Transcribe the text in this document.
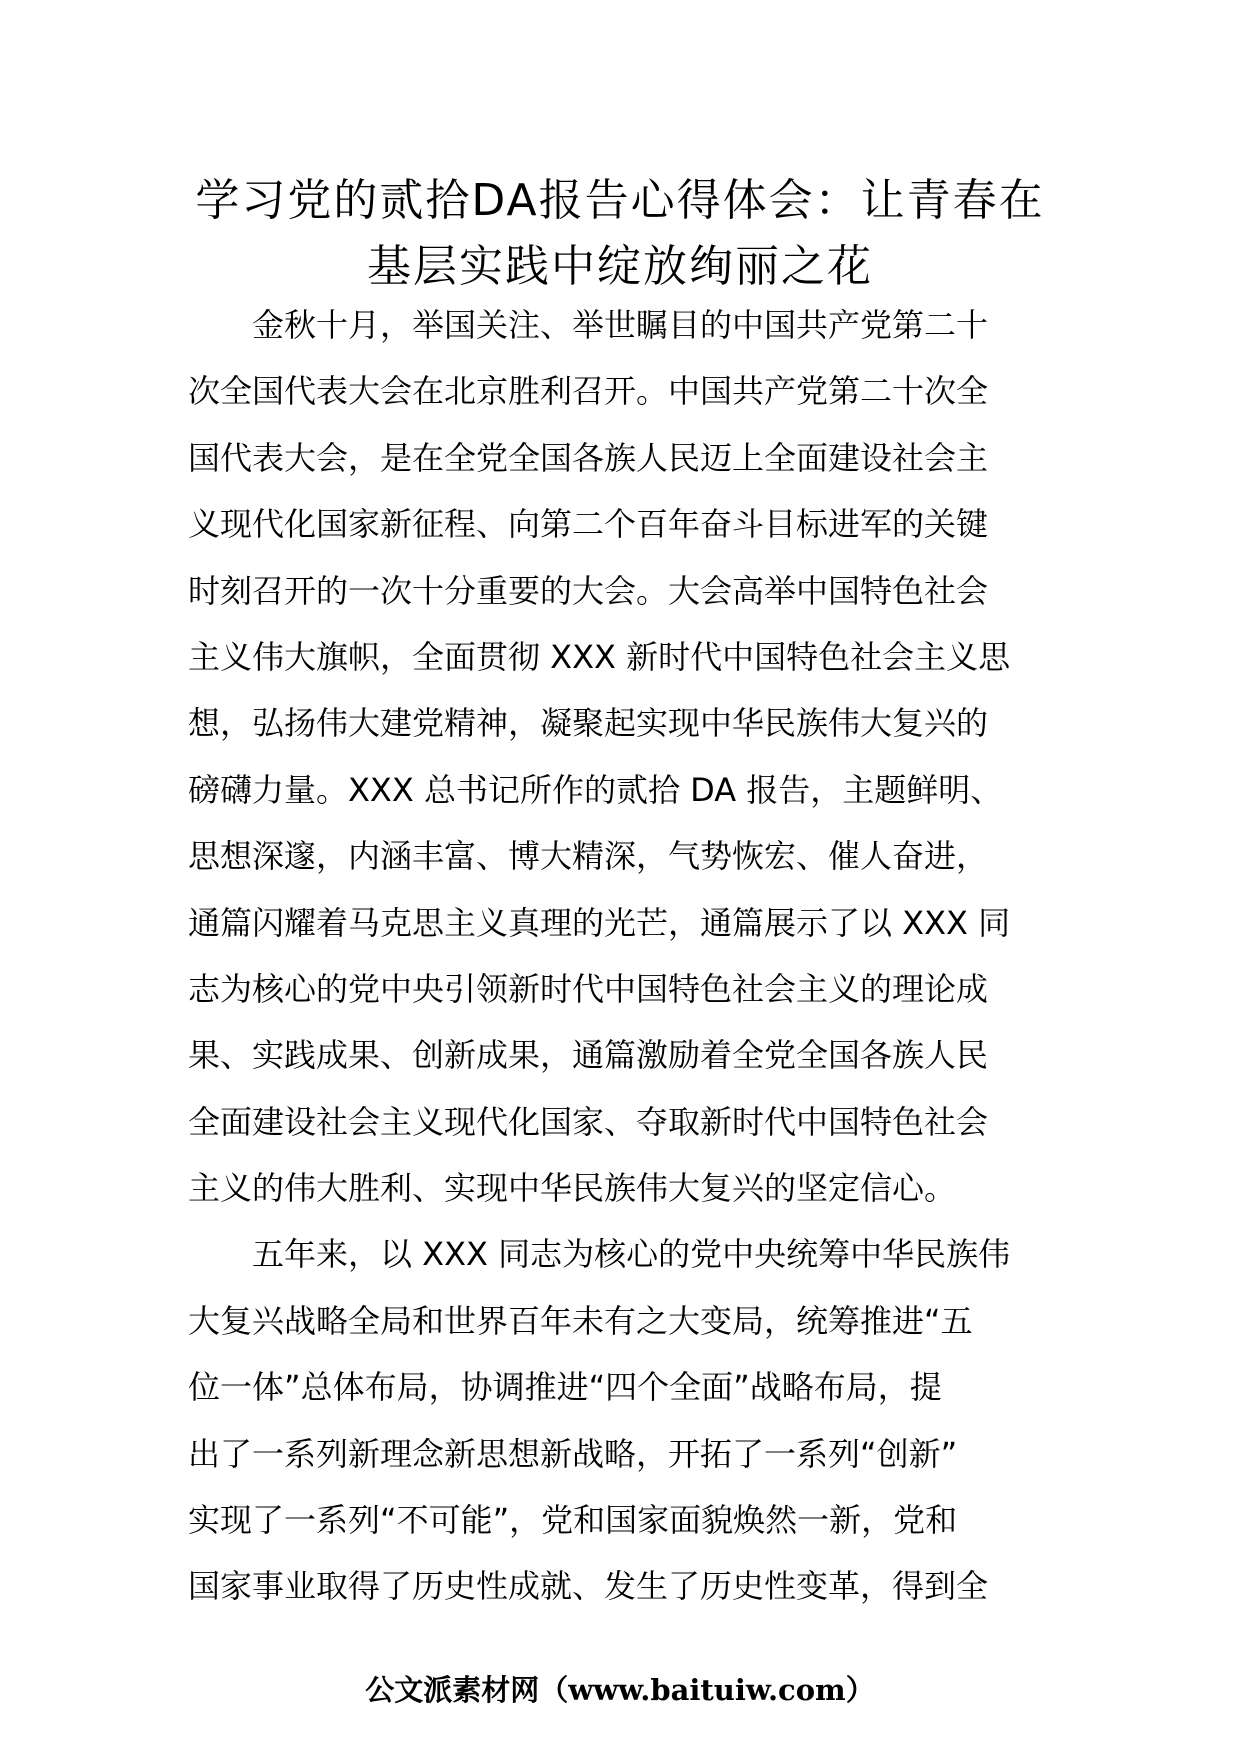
学习党的贰拾DA报告心得体会：让青春在
基层实践中绽放绚丽之花

金秋十月，举国关注、举世瞩目的中国共产党第二十
次全国代表大会在北京胜利召开。中国共产党第二十次全
国代表大会，是在全党全国各族人民迈上全面建设社会主
义现代化国家新征程、向第二个百年奋斗目标进军的关键
时刻召开的一次十分重要的大会。大会高举中国特色社会
主义伟大旗帜，全面贯彻 XXX 新时代中国特色社会主义思
想，弘扬伟大建党精神，凝聚起实现中华民族伟大复兴的
磅礴力量。XXX 总书记所作的贰拾 DA 报告，主题鲜明、
思想深邃，内涵丰富、博大精深，气势恢宏、催人奋进，
通篇闪耀着马克思主义真理的光芒，通篇展示了以 XXX 同
志为核心的党中央引领新时代中国特色社会主义的理论成
果、实践成果、创新成果，通篇激励着全党全国各族人民
全面建设社会主义现代化国家、夺取新时代中国特色社会
主义的伟大胜利、实现中华民族伟大复兴的坚定信心。

五年来，以 XXX 同志为核心的党中央统筹中华民族伟
大复兴战略全局和世界百年未有之大变局，统筹推进“五
位一体”总体布局，协调推进“四个全面”战略布局，提
出了一系列新理念新思想新战略，开拓了一系列“创新”
实现了一系列“不可能”，党和国家面貌焕然一新，党和
国家事业取得了历史性成就、发生了历史性变革，得到全

公文派素材网（www.baituiw.com）
